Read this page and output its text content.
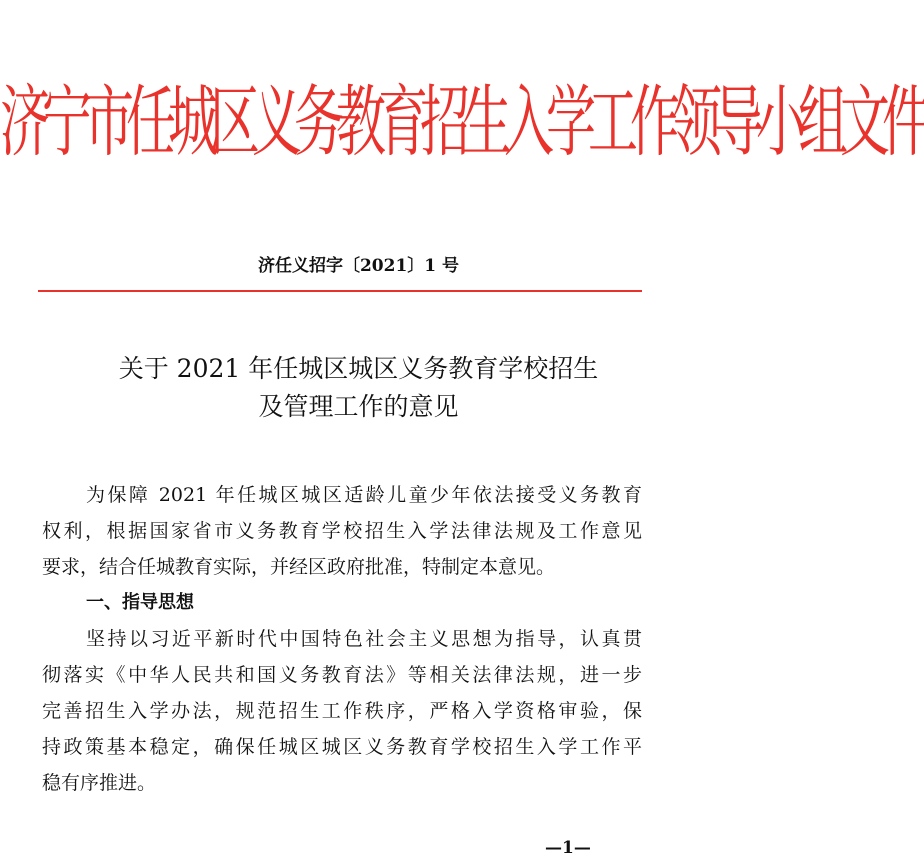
济宁市任城区义务教育招生入学工作领导小组文件
济任义招字〔2021〕1 号
关于 2021 年任城区城区义务教育学校招生
及管理工作的意见
为保障 2021 年任城区城区适龄儿童少年依法接受义务教育
权利，根据国家省市义务教育学校招生入学法律法规及工作意见
要求，结合任城教育实际，并经区政府批准，特制定本意见。
一、指导思想
坚持以习近平新时代中国特色社会主义思想为指导，认真贯
彻落实《中华人民共和国义务教育法》等相关法律法规，进一步
完善招生入学办法，规范招生工作秩序，严格入学资格审验，保
持政策基本稳定，确保任城区城区义务教育学校招生入学工作平
稳有序推进。
—1—
